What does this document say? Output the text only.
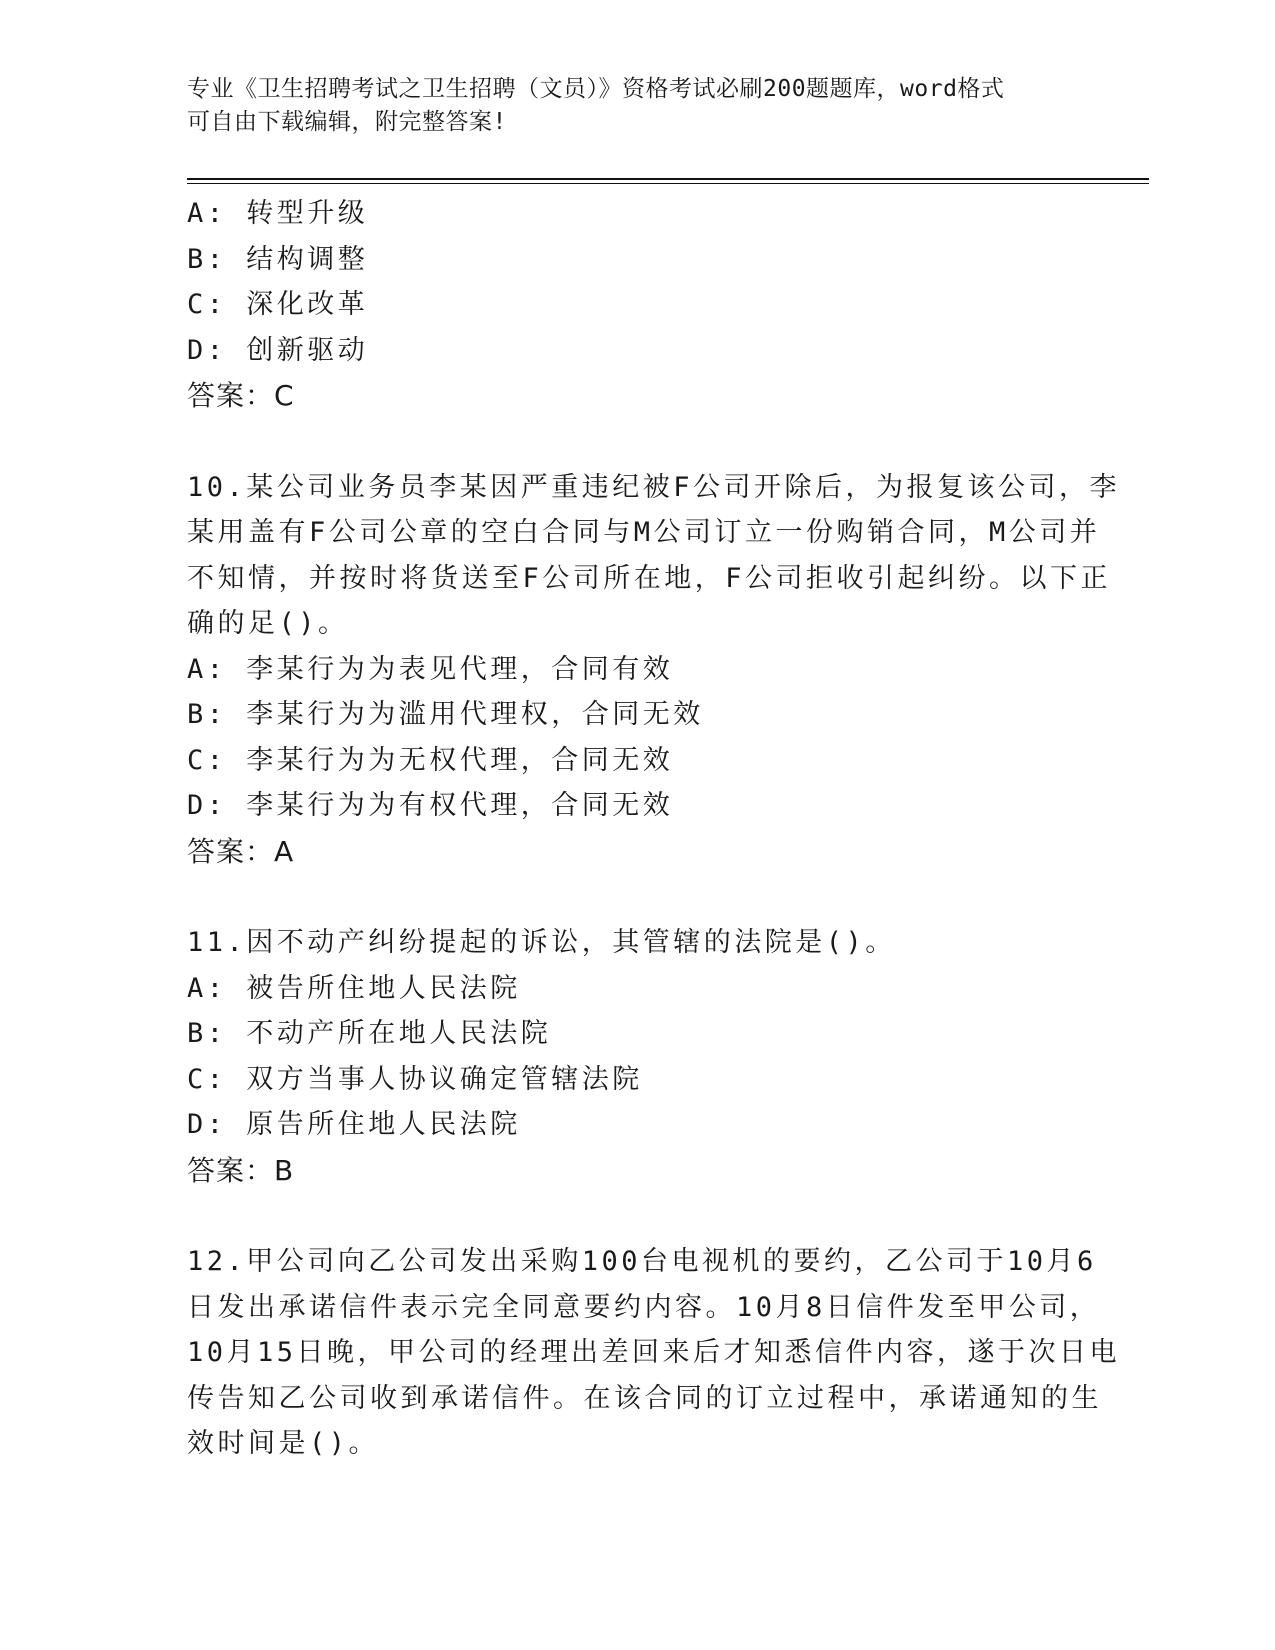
专业《卫生招聘考试之卫生招聘（文员）》资格考试必刷200题题库，word格式
可自由下载编辑，附完整答案!
A: 转型升级
B: 结构调整
C: 深化改革
D: 创新驱动
答案：C
10.某公司业务员李某因严重违纪被F公司开除后，为报复该公司，李
某用盖有F公司公章的空白合同与M公司订立一份购销合同，M公司并
不知情，并按时将货送至F公司所在地，F公司拒收引起纠纷。以下正
确的足()。
A: 李某行为为表见代理，合同有效
B: 李某行为为滥用代理权，合同无效
C: 李某行为为无权代理，合同无效
D: 李某行为为有权代理，合同无效
答案：A
11.因不动产纠纷提起的诉讼，其管辖的法院是()。
A: 被告所住地人民法院
B: 不动产所在地人民法院
C: 双方当事人协议确定管辖法院
D: 原告所住地人民法院
答案：B
12.甲公司向乙公司发出采购100台电视机的要约，乙公司于10月6
日发出承诺信件表示完全同意要约内容。10月8日信件发至甲公司，
10月15日晚，甲公司的经理出差回来后才知悉信件内容，遂于次日电
传告知乙公司收到承诺信件。在该合同的订立过程中，承诺通知的生
效时间是()。
